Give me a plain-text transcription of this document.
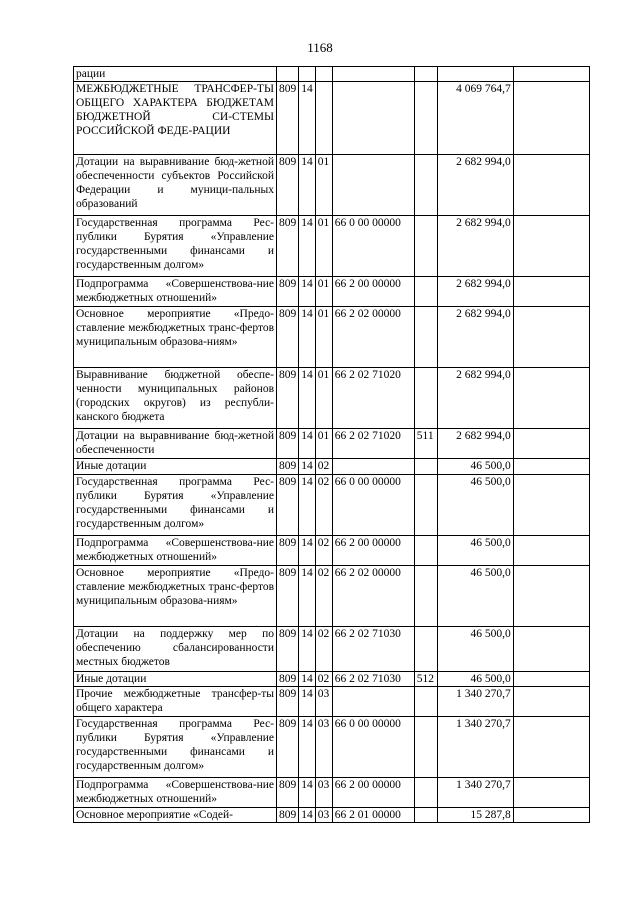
1168
рации							
МЕЖБЮДЖЕТНЫЕ ТРАНСФЕР-ТЫ ОБЩЕГО ХАРАКТЕРА БЮДЖЕТАМ БЮДЖЕТНОЙ СИ-СТЕМЫ РОССИЙСКОЙ ФЕДЕ-РАЦИИ	809	14				4 069 764,7	
Дотации на выравнивание бюд-жетной обеспеченности субъектов Российской Федерации и муници-пальных образований	809	14	01			2 682 994,0	
Государственная программа Рес-публики Бурятия «Управление государственными финансами и государственным долгом»	809	14	01	66 0 00 00000		2 682 994,0	
Подпрограмма «Совершенствова-ние межбюджетных отношений»	809	14	01	66 2 00 00000		2 682 994,0	
Основное мероприятие «Предо-ставление межбюджетных транс-фертов муниципальным образова-ниям»	809	14	01	66 2 02 00000		2 682 994,0	
Выравнивание бюджетной обеспе-ченности муниципальных районов (городских округов) из республи-канского бюджета	809	14	01	66 2 02 71020		2 682 994,0	
Дотации на выравнивание бюд-жетной обеспеченности	809	14	01	66 2 02 71020	511	2 682 994,0	
Иные дотации	809	14	02			46 500,0	
Государственная программа Рес-публики Бурятия «Управление государственными финансами и государственным долгом»	809	14	02	66 0 00 00000		46 500,0	
Подпрограмма «Совершенствова-ние межбюджетных отношений»	809	14	02	66 2 00 00000		46 500,0	
Основное мероприятие «Предо-ставление межбюджетных транс-фертов муниципальным образова-ниям»	809	14	02	66 2 02 00000		46 500,0	
Дотации на поддержку мер по обеспечению сбалансированности местных бюджетов	809	14	02	66 2 02 71030		46 500,0	
Иные дотации	809	14	02	66 2 02 71030	512	46 500,0	
Прочие межбюджетные трансфер-ты общего характера	809	14	03			1 340 270,7	
Государственная программа Рес-публики Бурятия «Управление государственными финансами и государственным долгом»	809	14	03	66 0 00 00000		1 340 270,7	
Подпрограмма «Совершенствова-ние межбюджетных отношений»	809	14	03	66 2 00 00000		1 340 270,7	
Основное мероприятие «Содей-	809	14	03	66 2 01 00000		15 287,8	
